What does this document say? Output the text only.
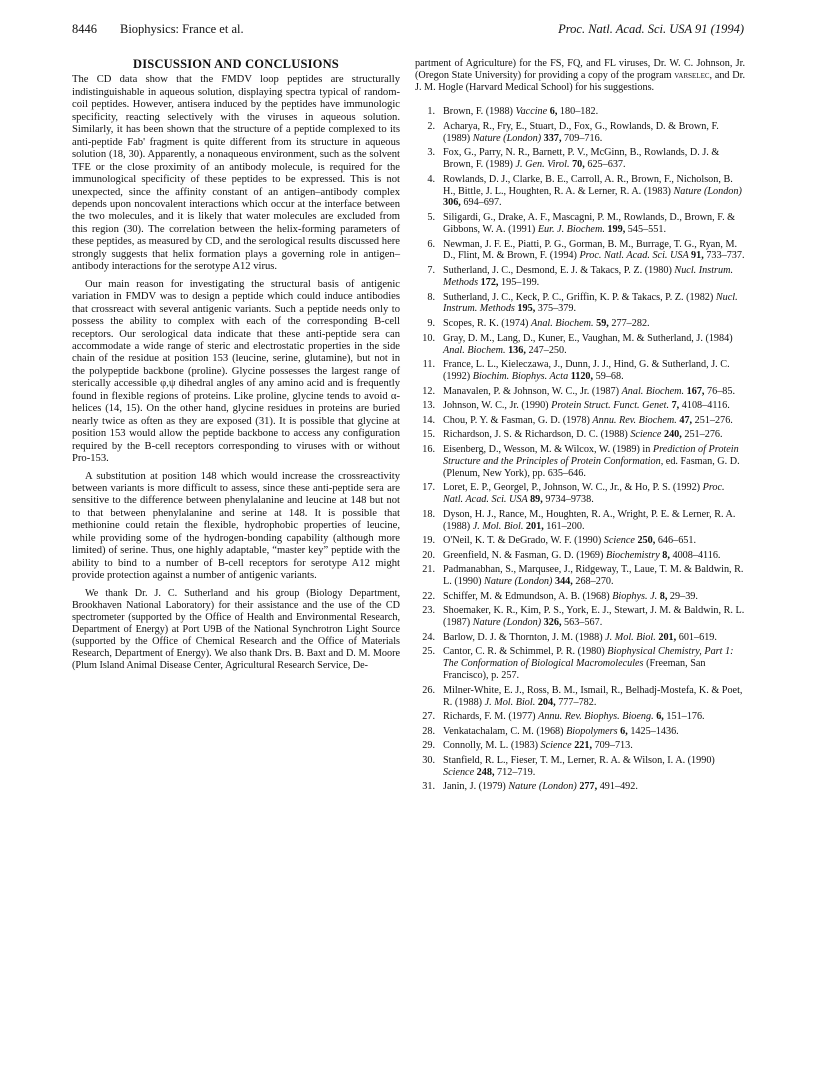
8446 Biophysics: France et al.	Proc. Natl. Acad. Sci. USA 91 (1994)
DISCUSSION AND CONCLUSIONS

The CD data show that the FMDV loop peptides are structurally indistinguishable in aqueous solution, displaying spectra typical of random-coil peptides. However, antisera induced by the peptides have immunologic specificity, reacting selectively with the viruses in aqueous solution. Similarly, it has been shown that the structure of a peptide complexed to its anti-peptide Fab' fragment is quite different from its structure in aqueous solution (18, 30). Apparently, a nonaqueous environment, such as the solvent TFE or the close proximity of an antibody molecule, is required for the immunological specificity of these peptides to be expressed. This is not unexpected, since the affinity constant of an antigen–antibody complex depends upon noncovalent interactions which occur at the interface between the two molecules, and it is likely that water molecules are excluded from this region (30). The correlation between the helix-forming parameters of these peptides, as measured by CD, and the serological results discussed here strongly suggests that helix formation plays a governing role in antigen–antibody interactions for the serotype A12 virus.

Our main reason for investigating the structural basis of antigenic variation in FMDV was to design a peptide which could induce antibodies that crossreact with several antigenic variants. Such a peptide needs only to possess the ability to complex with each of the corresponding B-cell receptors. Our serological data indicate that these anti-peptide sera can accommodate a wide range of steric and electrostatic properties in the side chain of the residue at position 153 (leucine, serine, glutamine), but not in the polypeptide backbone (proline). Glycine possesses the largest range of sterically accessible φ,ψ dihedral angles of any amino acid and is frequently found in flexible regions of proteins. Like proline, glycine tends to avoid α-helices (14, 15). On the other hand, glycine residues in proteins are buried nearly twice as often as they are exposed (31). It is possible that glycine at position 153 would allow the peptide backbone to access any configuration required by the B-cell receptors corresponding to viruses with or without Pro-153.

A substitution at position 148 which would increase the crossreactivity between variants is more difficult to assess, since these anti-peptide sera are sensitive to the difference between phenylalanine and leucine at 148 but not to that between phenylalanine and serine at 148. It is possible that methionine could retain the flexible, hydrophobic properties of leucine, while providing some of the hydrogen-bonding capability (although more limited) of serine. Thus, one highly adaptable, “master key” peptide with the ability to bind to a number of B-cell receptors for serotype A12 might provide protection against a number of antigenic variants.

We thank Dr. J. C. Sutherland and his group (Biology Department, Brookhaven National Laboratory) for their assistance and the use of the CD spectrometer (supported by the Office of Health and Environmental Research, Department of Energy) at Port U9B of the National Synchrotron Light Source (supported by the Office of Chemical Research and the Office of Materials Research, Department of Energy). We also thank Drs. B. Baxt and D. M. Moore (Plum Island Animal Disease Center, Agricultural Research Service, De-

partment of Agriculture) for the FS, FQ, and FL viruses, Dr. W. C. Johnson, Jr. (Oregon State University) for providing a copy of the program varselec, and Dr. J. M. Hogle (Harvard Medical School) for his suggestions.

1. Brown, F. (1988) Vaccine 6, 180–182.
2. Acharya, R., Fry, E., Stuart, D., Fox, G., Rowlands, D. & Brown, F. (1989) Nature (London) 337, 709–716.
3. Fox, G., Parry, N. R., Barnett, P. V., McGinn, B., Rowlands, D. J. & Brown, F. (1989) J. Gen. Virol. 70, 625–637.
4. Rowlands, D. J., Clarke, B. E., Carroll, A. R., Brown, F., Nicholson, B. H., Bittle, J. L., Houghten, R. A. & Lerner, R. A. (1983) Nature (London) 306, 694–697.
5. Siligardi, G., Drake, A. F., Mascagni, P. M., Rowlands, D., Brown, F. & Gibbons, W. A. (1991) Eur. J. Biochem. 199, 545–551.
6. Newman, J. F. E., Piatti, P. G., Gorman, B. M., Burrage, T. G., Ryan, M. D., Flint, M. & Brown, F. (1994) Proc. Natl. Acad. Sci. USA 91, 733–737.
7. Sutherland, J. C., Desmond, E. J. & Takacs, P. Z. (1980) Nucl. Instrum. Methods 172, 195–199.
8. Sutherland, J. C., Keck, P. C., Griffin, K. P. & Takacs, P. Z. (1982) Nucl. Instrum. Methods 195, 375–379.
9. Scopes, R. K. (1974) Anal. Biochem. 59, 277–282.
10. Gray, D. M., Lang, D., Kuner, E., Vaughan, M. & Sutherland, J. (1984) Anal. Biochem. 136, 247–250.
11. France, L. L., Kieleczawa, J., Dunn, J. J., Hind, G. & Sutherland, J. C. (1992) Biochim. Biophys. Acta 1120, 59–68.
12. Manavalen, P. & Johnson, W. C., Jr. (1987) Anal. Biochem. 167, 76–85.
13. Johnson, W. C., Jr. (1990) Protein Struct. Funct. Genet. 7, 4108–4116.
14. Chou, P. Y. & Fasman, G. D. (1978) Annu. Rev. Biochem. 47, 251–276.
15. Richardson, J. S. & Richardson, D. C. (1988) Science 240, 251–276.
16. Eisenberg, D., Wesson, M. & Wilcox, W. (1989) in Prediction of Protein Structure and the Principles of Protein Conformation, ed. Fasman, G. D. (Plenum, New York), pp. 635–646.
17. Loret, E. P., Georgel, P., Johnson, W. C., Jr., & Ho, P. S. (1992) Proc. Natl. Acad. Sci. USA 89, 9734–9738.
18. Dyson, H. J., Rance, M., Houghten, R. A., Wright, P. E. & Lerner, R. A. (1988) J. Mol. Biol. 201, 161–200.
19. O'Neil, K. T. & DeGrado, W. F. (1990) Science 250, 646–651.
20. Greenfield, N. & Fasman, G. D. (1969) Biochemistry 8, 4008–4116.
21. Padmanabhan, S., Marqusee, J., Ridgeway, T., Laue, T. M. & Baldwin, R. L. (1990) Nature (London) 344, 268–270.
22. Schiffer, M. & Edmundson, A. B. (1968) Biophys. J. 8, 29–39.
23. Shoemaker, K. R., Kim, P. S., York, E. J., Stewart, J. M. & Baldwin, R. L. (1987) Nature (London) 326, 563–567.
24. Barlow, D. J. & Thornton, J. M. (1988) J. Mol. Biol. 201, 601–619.
25. Cantor, C. R. & Schimmel, P. R. (1980) Biophysical Chemistry, Part 1: The Conformation of Biological Macromolecules (Freeman, San Francisco), p. 257.
26. Milner-White, E. J., Ross, B. M., Ismail, R., Belhadj-Mostefa, K. & Poet, R. (1988) J. Mol. Biol. 204, 777–782.
27. Richards, F. M. (1977) Annu. Rev. Biophys. Bioeng. 6, 151–176.
28. Venkatachalam, C. M. (1968) Biopolymers 6, 1425–1436.
29. Connolly, M. L. (1983) Science 221, 709–713.
30. Stanfield, R. L., Fieser, T. M., Lerner, R. A. & Wilson, I. A. (1990) Science 248, 712–719.
31. Janin, J. (1979) Nature (London) 277, 491–492.
